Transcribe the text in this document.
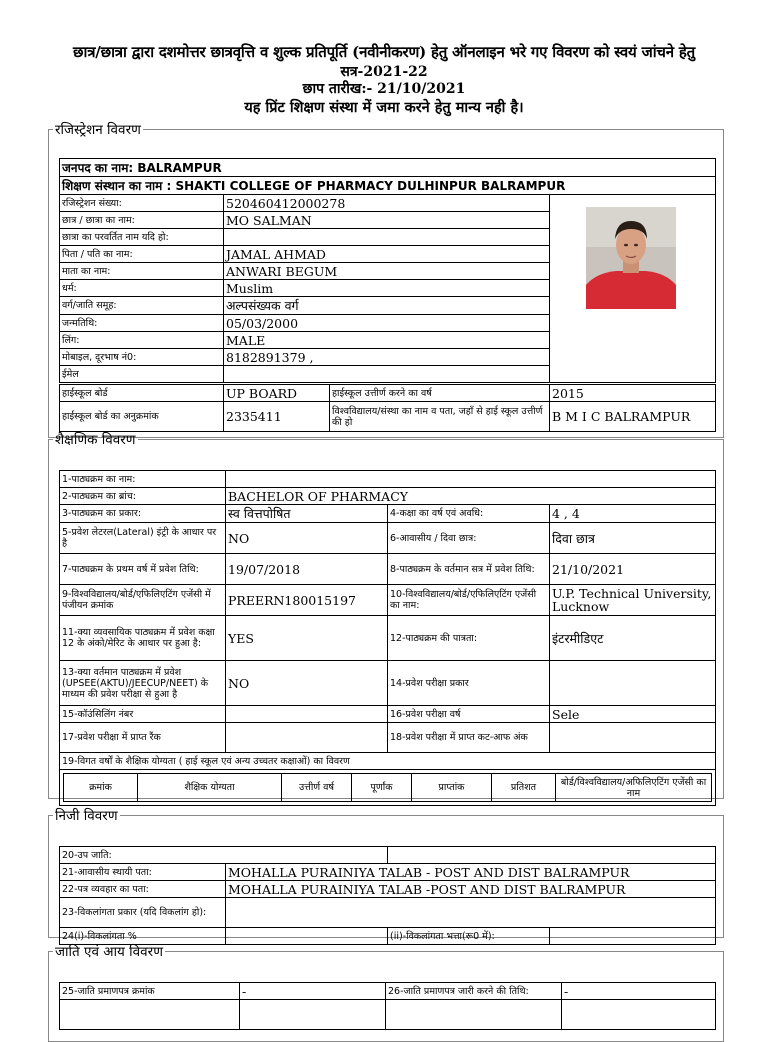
छात्र/छात्रा द्वारा दशमोत्तर छात्रवृत्ति व शुल्क प्रतिपूर्ति (नवीनीकरण) हेतु ऑनलाइन भरे गए विवरण को स्वयं जांचने हेतु
सत्र-2021-22
छाप तारीख:- 21/10/2021
यह प्रिंट शिक्षण संस्था में जमा करने हेतु मान्य नही है।
रजिस्ट्रेशन विवरण
जनपद का नाम: BALRAMPUR		
शिक्षण संस्थान का नाम : SHAKTI COLLEGE OF PHARMACY DULHINPUR BALRAMPUR		
रजिस्ट्रेशन संख्या:	520460412000278	

छात्र / छात्रा का नाम:	MO SALMAN	
छात्रा का परवर्तित नाम यदि हो:		
पिता / पति का नाम:	JAMAL AHMAD	
माता का नाम:	ANWARI BEGUM	
धर्म:	Muslim	
वर्ग/जाति समूह:	अल्पसंख्यक वर्ग	
जन्मतिथि:	05/03/2000	
लिंग:	MALE	
मोबाइल, दूरभाष नं0:	8182891379 ,	
ईमेल		
हाईस्कूल बोर्ड	UP BOARD	हाईस्कूल उत्तीर्ण करने का वर्ष	2015
हाईस्कूल बोर्ड का अनुक्रमांक	2335411	विश्वविद्यालय/संस्था का नाम व पता, जहाँ से हाई स्कूल उत्तीर्ण की हो	B M I C BALRAMPUR
शैक्षणिक विवरण
1-पाठ्यक्रम का नाम:	
2-पाठ्यक्रम का ब्रांच:	BACHELOR OF PHARMACY
3-पाठ्यक्रम का प्रकार:	स्व वित्तपोषित	4-कक्षा का वर्ष एवं अवधि:	4 , 4
5-प्रवेश लेटरल(Lateral) इंट्री के आधार पर है	NO	6-आवासीय / दिवा छात्र:	दिवा छात्र
7-पाठ्यक्रम के प्रथम वर्ष में प्रवेश तिथि:	19/07/2018	8-पाठ्यक्रम के वर्तमान सत्र में प्रवेश तिथि:	21/10/2021
9-विश्वविद्यालय/बोर्ड/एफिलिएटिंग एजेंसी में पंजीयन क्रमांक	PREERN180015197	10-विश्वविद्यालय/बोर्ड/एफिलिएटिंग एजेंसी का नाम:	U.P. Technical University, Lucknow
11-क्या व्यवसायिक पाठ्यक्रम में प्रवेश कक्षा 12 के अंको/मेरिट के आधार पर हुआ है:	YES	12-पाठ्यक्रम की पात्रता:	इंटरमीडिएट
13-क्या वर्तमान पाठ्यक्रम में प्रवेश (UPSEE(AKTU)/JEECUP/NEET) के माध्यम की प्रवेश परीक्षा से हुआ है	NO	14-प्रवेश परीक्षा प्रकार	
15-कॉउंसिलिंग नंबर		16-प्रवेश परीक्षा वर्ष	Sele
17-प्रवेश परीक्षा में प्राप्त रैंक		18-प्रवेश परीक्षा में प्राप्त कट-आफ अंक	
19-विगत वर्षों के शैक्षिक योग्यता ( हाई स्कूल एवं अन्य उच्चतर कक्षाओं) का विवरण

क्रमांक	शैक्षिक योग्यता	उत्तीर्ण वर्ष	पूर्णांक	प्राप्तांक	प्रतिशत	बोर्ड/विश्वविद्यालय/अफिलिएटिंग एजेंसी का नाम
निजी विवरण
20-उप जाति:			
21-आवासीय स्थायी पता:	MOHALLA PURAINIYA TALAB - POST AND DIST BALRAMPUR		
22-पत्र व्यवहार का पता:	MOHALLA PURAINIYA TALAB -POST AND DIST BALRAMPUR		
23-विकलांगता प्रकार (यदि विकलांग हो):			
24(i)-विकलांगता %		(ii)-विकलांगता भत्ता(रू0 में):	
जाति एवं आय विवरण
25-जाति प्रमाणपत्र क्रमांक	-	26-जाति प्रमाणपत्र जारी करने की तिथि:	-
